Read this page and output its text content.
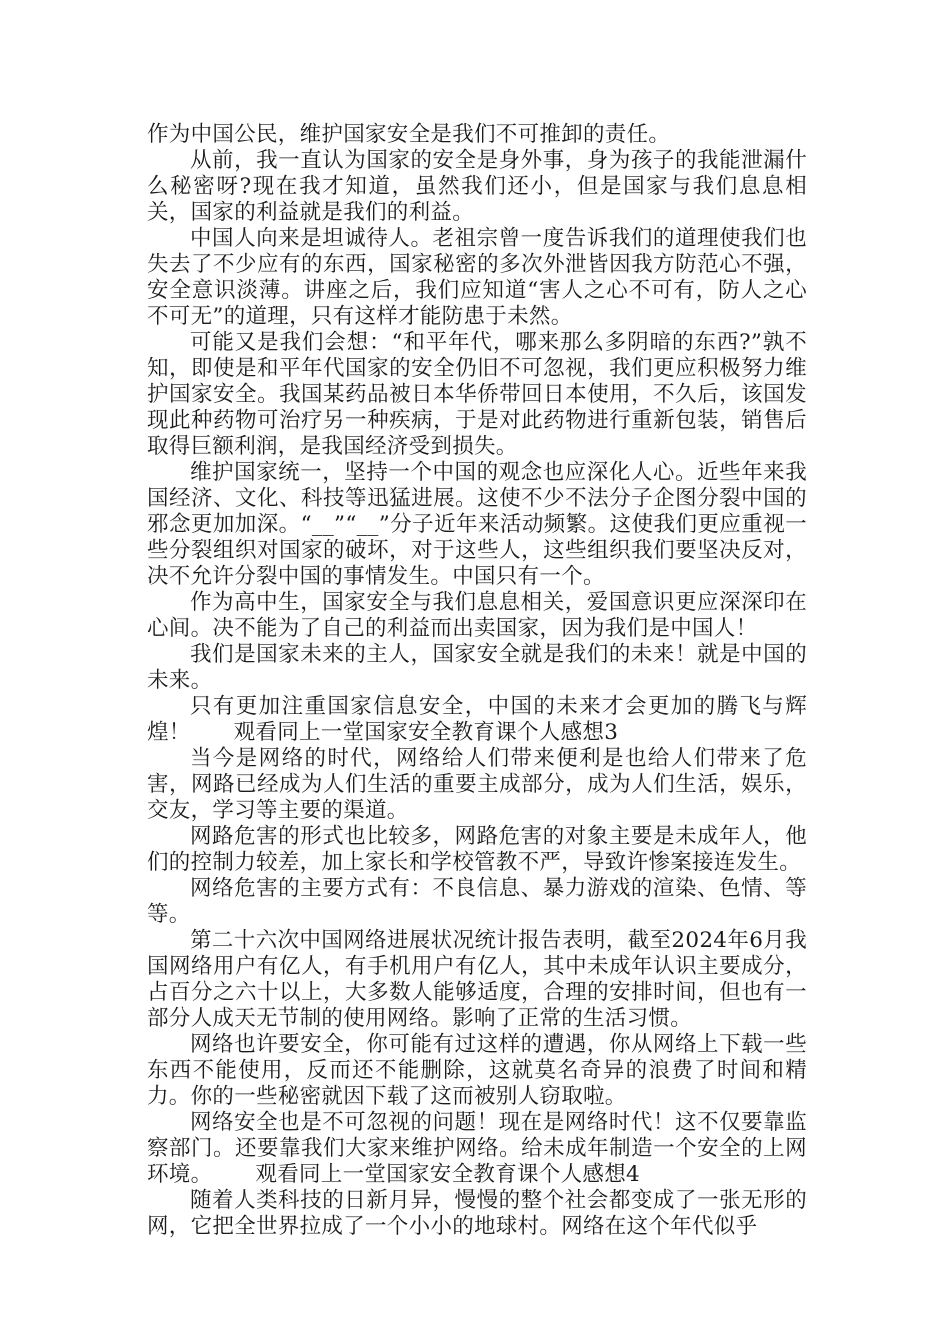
作为中国公民，维护国家安全是我们不可推卸的责任。

从前，我一直认为国家的安全是身外事，身为孩子的我能泄漏什么秘密呀?现在我才知道，虽然我们还小，但是国家与我们息息相关，国家的利益就是我们的利益。

中国人向来是坦诚待人。老祖宗曾一度告诉我们的道理使我们也失去了不少应有的东西，国家秘密的多次外泄皆因我方防范心不强，安全意识淡薄。讲座之后，我们应知道“害人之心不可有，防人之心不可无”的道理，只有这样才能防患于未然。

可能又是我们会想：“和平年代，哪来那么多阴暗的东西?”孰不知，即使是和平年代国家的安全仍旧不可忽视，我们更应积极努力维护国家安全。我国某药品被日本华侨带回日本使用，不久后，该国发现此种药物可治疗另一种疾病，于是对此药物进行重新包装，销售后取得巨额利润，是我国经济受到损失。

维护国家统一，坚持一个中国的观念也应深化人心。近些年来我国经济、文化、科技等迅猛进展。这使不少不法分子企图分裂中国的邪念更加加深。“__”“__”分子近年来活动频繁。这使我们更应重视一些分裂组织对国家的破坏，对于这些人，这些组织我们要坚决反对，决不允许分裂中国的事情发生。中国只有一个。

作为高中生，国家安全与我们息息相关，爱国意识更应深深印在心间。决不能为了自己的利益而出卖国家，因为我们是中国人！

我们是国家未来的主人，国家安全就是我们的未来！就是中国的未来。

只有更加注重国家信息安全，中国的未来才会更加的腾飞与辉煌！ 观看同上一堂国家安全教育课个人感想3

当今是网络的时代，网络给人们带来便利是也给人们带来了危害，网路已经成为人们生活的重要主成部分，成为人们生活，娱乐，交友，学习等主要的渠道。

网路危害的形式也比较多，网路危害的对象主要是未成年人，他们的控制力较差，加上家长和学校管教不严，导致许惨案接连发生。

网络危害的主要方式有：不良信息、暴力游戏的渲染、色情、等等。

第二十六次中国网络进展状况统计报告表明，截至2024年6月我国网络用户有亿人，有手机用户有亿人，其中未成年认识主要成分，占百分之六十以上，大多数人能够适度，合理的安排时间，但也有一部分人成天无节制的使用网络。影响了正常的生活习惯。

网络也许要安全，你可能有过这样的遭遇，你从网络上下载一些东西不能使用，反而还不能删除，这就莫名奇异的浪费了时间和精力。你的一些秘密就因下载了这而被别人窃取啦。

网络安全也是不可忽视的问题！现在是网络时代！这不仅要靠监察部门。还要靠我们大家来维护网络。给未成年制造一个安全的上网环境。 观看同上一堂国家安全教育课个人感想4

随着人类科技的日新月异，慢慢的整个社会都变成了一张无形的网，它把全世界拉成了一个小小的地球村。网络在这个年代似乎
